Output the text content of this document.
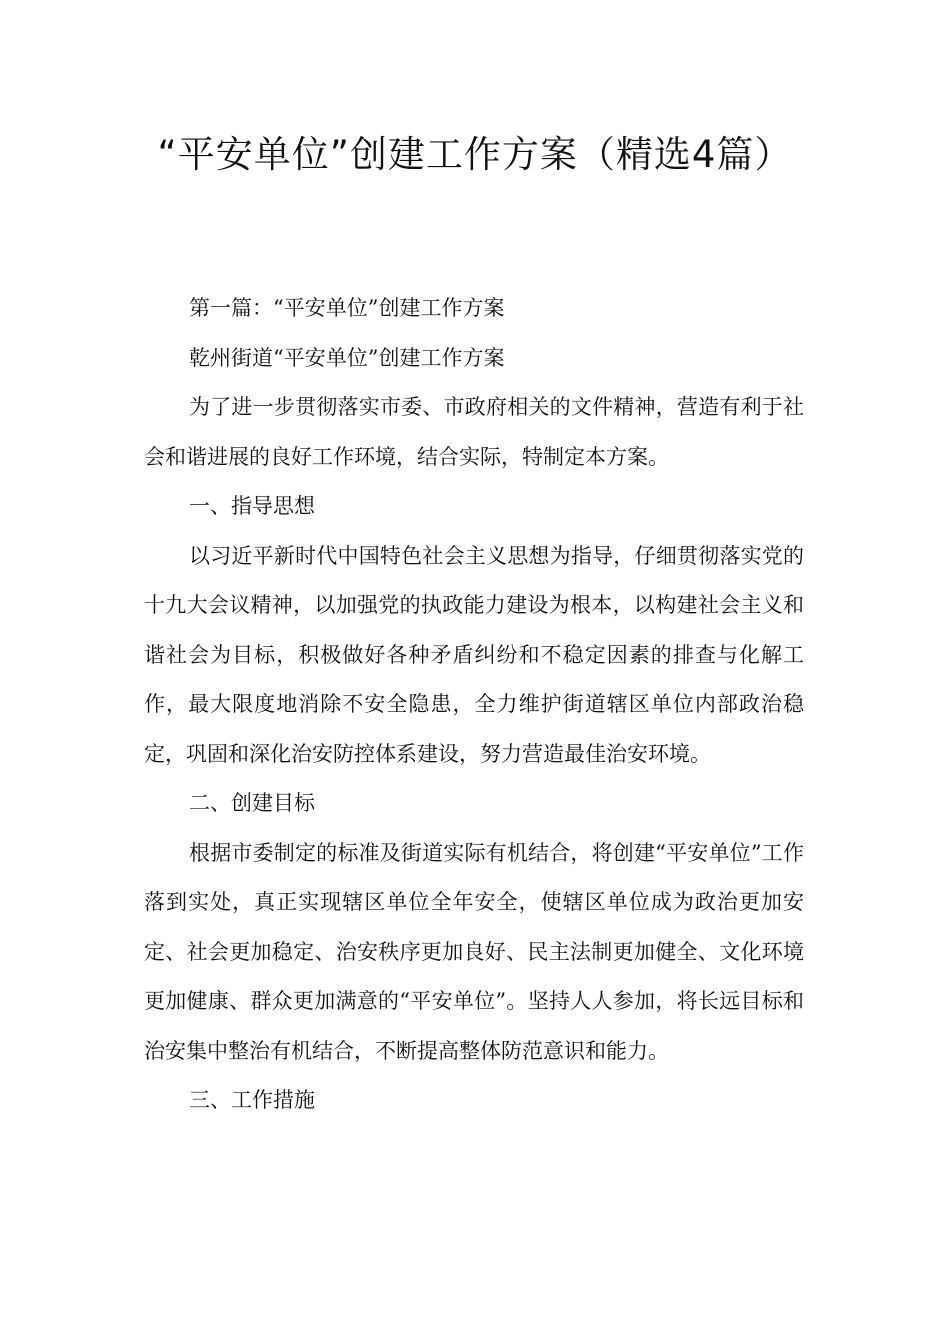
“平安单位”创建工作方案（精选4篇）

第一篇：“平安单位”创建工作方案

乾州街道“平安单位”创建工作方案

为了进一步贯彻落实市委、市政府相关的文件精神，营造有利于社会和谐进展的良好工作环境，结合实际，特制定本方案。

一、指导思想

以习近平新时代中国特色社会主义思想为指导，仔细贯彻落实党的十九大会议精神，以加强党的执政能力建设为根本，以构建社会主义和谐社会为目标，积极做好各种矛盾纠纷和不稳定因素的排查与化解工作，最大限度地消除不安全隐患，全力维护街道辖区单位内部政治稳定，巩固和深化治安防控体系建设，努力营造最佳治安环境。

二、创建目标

根据市委制定的标准及街道实际有机结合，将创建“平安单位”工作落到实处，真正实现辖区单位全年安全，使辖区单位成为政治更加安定、社会更加稳定、治安秩序更加良好、民主法制更加健全、文化环境更加健康、群众更加满意的“平安单位”。坚持人人参加，将长远目标和治安集中整治有机结合，不断提高整体防范意识和能力。

三、工作措施
